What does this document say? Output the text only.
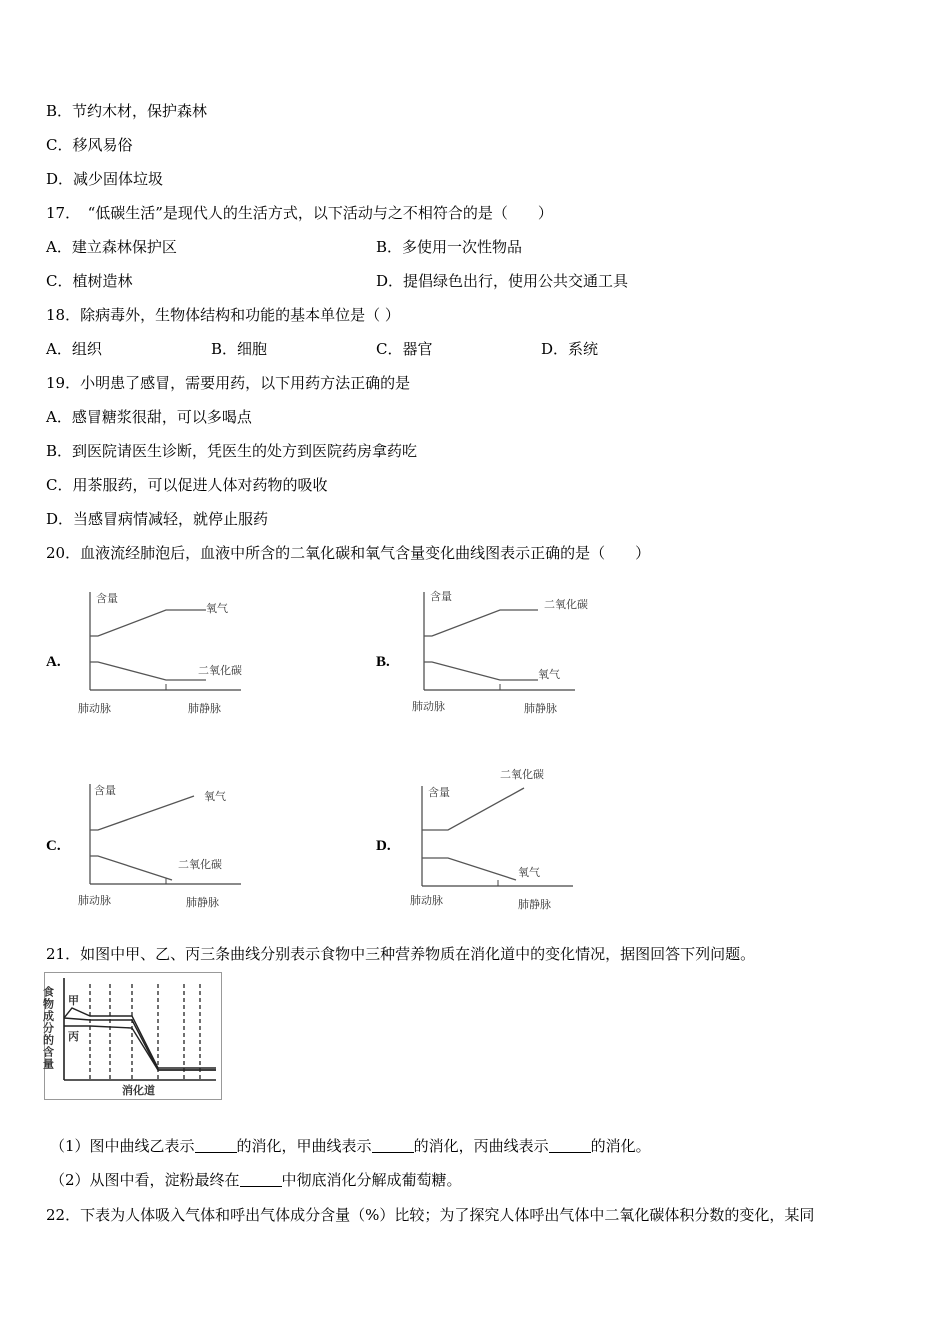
B．节约木材，保护森林
C．移风易俗
D．减少固体垃圾
17．　“低碳生活”是现代人的生活方式，以下活动与之不相符合的是（　　）
A．建立森林保护区	B．多使用一次性物品
C．植树造林	D．提倡绿色出行，使用公共交通工具
18．除病毒外，生物体结构和功能的基本单位是（ ）
A．组织	B．细胞	C．器官	D．系统
19．小明患了感冒，需要用药，以下用药方法正确的是
A．感冒糖浆很甜，可以多喝点
B．到医院请医生诊断，凭医生的处方到医院药房拿药吃
C．用茶服药，可以促进人体对药物的吸收
D．当感冒病情减轻，就停止服药
20．血液流经肺泡后，血液中所含的二氧化碳和氧气含量变化曲线图表示正确的是（　　）
A.	B.
C.	D.
含量
氧气
二氧化碳
肺动脉	肺静脉
含量
二氧化碳
氧气
肺动脉	肺静脉
含量	氧气
二氧化碳
肺动脉	肺静脉
含量
二氧化碳
氧气
肺动脉	肺静脉
21．如图中甲、乙、丙三条曲线分别表示食物中三种营养物质在消化道中的变化情况，据图回答下列问题。
食物成分的含量 甲
丙
消化道
（1）图中曲线乙表示	的消化，甲曲线表示	的消化，丙曲线表示	的消化。
（2）从图中看，淀粉最终在	中彻底消化分解成葡萄糖。
22．下表为人体吸入气体和呼出气体成分含量（%）比较；为了探究人体呼出气体中二氧化碳体积分数的变化，某同
